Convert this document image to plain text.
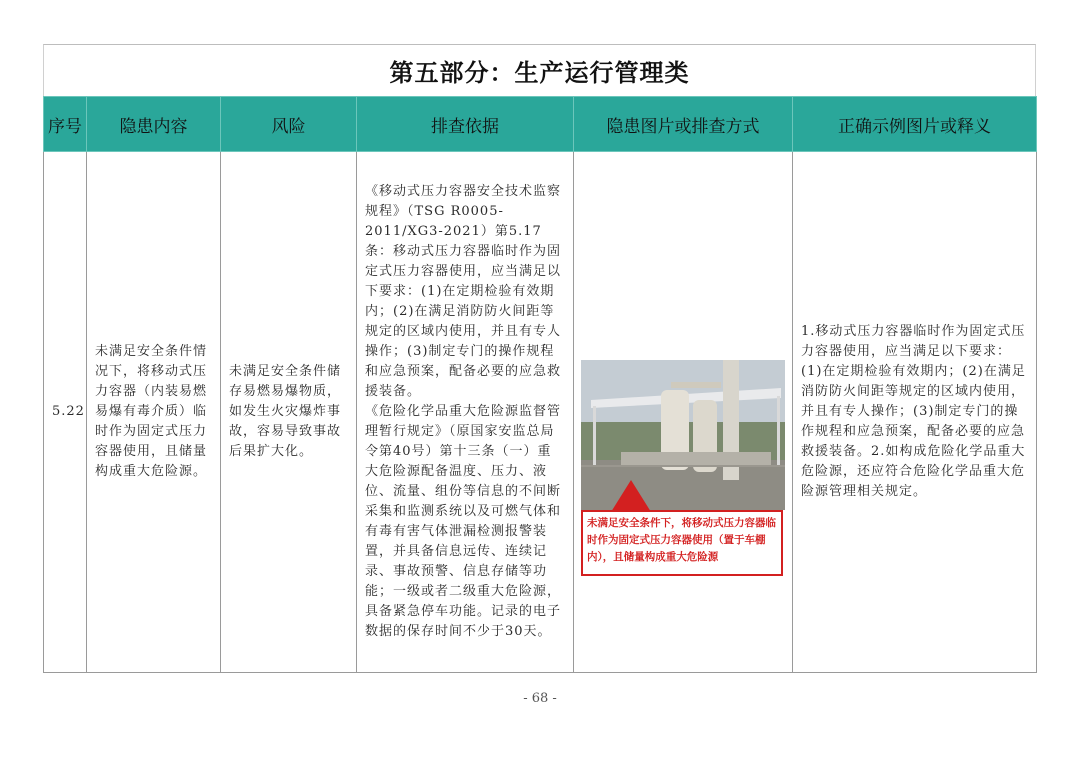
第五部分：生产运行管理类
序号	隐患内容	风险	排查依据	隐患图片或排查方式	正确示例图片或释义
5.22	未满足安全条件情况下，将移动式压力容器（内装易燃易爆有毒介质）临时作为固定式压力容器使用，且储量构成重大危险源。	未满足安全条件储存易燃易爆物质，如发生火灾爆炸事故，容易导致事故后果扩大化。	《移动式压力容器安全技术监察规程》（TSG R0005-2011/XG3-2021）第5.17条：移动式压力容器临时作为固定式压力容器使用，应当满足以下要求：(1)在定期检验有效期内；(2)在满足消防防火间距等规定的区域内使用，并且有专人操作；(3)制定专门的操作规程和应急预案，配备必要的应急救援装备。

《危险化学品重大危险源监督管理暂行规定》（原国家安监总局令第40号）第十三条（一）重大危险源配备温度、压力、液位、流量、组份等信息的不间断采集和监测系统以及可燃气体和有毒有害气体泄漏检测报警装置，并具备信息远传、连续记录、事故预警、信息存储等功能；一级或者二级重大危险源，具备紧急停车功能。记录的电子数据的保存时间不少于30天。	未满足安全条件下，将移动式压力容器临时作为固定式压力容器使用（置于车棚内），且储量构成重大危险源	1.移动式压力容器临时作为固定式压力容器使用，应当满足以下要求：(1)在定期检验有效期内；(2)在满足消防防火间距等规定的区域内使用，并且有专人操作；(3)制定专门的操作规程和应急预案，配备必要的应急救援装备。2.如构成危险化学品重大危险源，还应符合危险化学品重大危险源管理相关规定。
- 68 -
